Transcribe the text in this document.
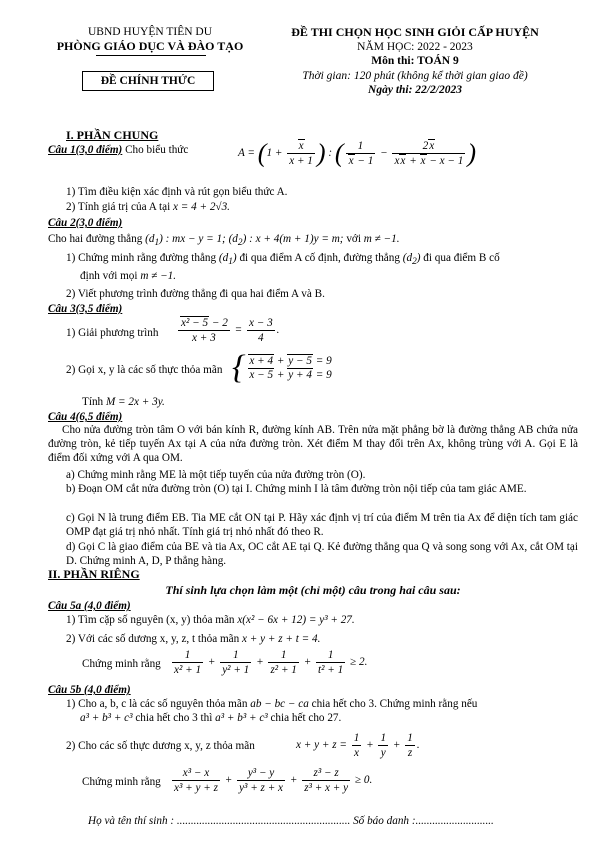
UBND HUYỆN TIÊN DU
PHÒNG GIÁO DỤC VÀ ĐÀO TẠO
ĐỀ CHÍNH THỨC
ĐỀ THI CHỌN HỌC SINH GIỎI CẤP HUYỆN
NĂM HỌC: 2022 - 2023
Môn thi: TOÁN 9
Thời gian: 120 phút (không kể thời gian giao đề)
Ngày thi: 22/2/2023
I. PHẦN CHUNG
Câu 1(3,0 điểm) Cho biểu thức	$A = (1 + \frac{x}{x + 1}$ ) : ( $\frac{1}{x - 1} - \frac{2x}{xx + x - x - 1}$ )
1) Tìm điều kiện xác định và rút gọn biểu thức A.
2) Tính giá trị của A tại x = 4 + 2√3.
Câu 2(3,0 điểm)
Cho hai đường thẳng $(d_1)$ : mx − y = 1; $(d_2)$ : x + 4(m + 1)y = m; với m ≠ −1.
1) Chứng minh rằng đường thẳng $(d_1)$ đi qua điểm A cố định, đường thẳng $(d_2)$ đi qua điểm B cố
định với mọi m ≠ −1.
2) Viết phương trình đường thẳng đi qua hai điểm A và B.
Câu 3(3,5 điểm)
1) Giải phương trình $\frac{\text{x² − 5 − 2}}{x + 3} = \frac{x - 3}{4}$ .
2) Gọi x, y là các số thực thỏa mãn { x + 4 + y − 5 = 9
x − 5 + y + 4 = 9
Tính M = 2x + 3y.
Câu 4(6,5 điểm)
Cho nửa đường tròn tâm O với bán kính R, đường kính AB. Trên nửa mặt phẳng bờ là đường thẳng AB chứa nửa đường tròn, kẻ tiếp tuyến Ax tại A của nửa đường tròn. Xét điểm M thay đổi trên Ax, không trùng với A. Gọi E là điểm đối xứng với A qua OM.
a) Chứng minh rằng ME là một tiếp tuyến của nửa đường tròn (O).
b) Đoạn OM cắt nửa đường tròn (O) tại I. Chứng minh I là tâm đường tròn nội tiếp của tam giác AME.
c) Gọi N là trung điểm EB. Tia ME cắt ON tại P. Hãy xác định vị trí của điểm M trên tia Ax để diện tích tam giác OMP đạt giá trị nhỏ nhất. Tính giá trị nhỏ nhất đó theo R.
d) Gọi C là giao điểm của BE và tia Ax, OC cắt AE tại Q. Kẻ đường thẳng qua Q và song song với Ax, cắt OM tại D. Chứng minh A, D, P thẳng hàng.
II. PHẦN RIÊNG
Thí sinh lựa chọn làm một (chỉ một) câu trong hai câu sau:
Câu 5a (4,0 điểm)
1) Tìm cặp số nguyên (x, y) thỏa mãn x(x² − 6x + 12) = y³ + 27.
2) Với các số dương x, y, z, t thỏa mãn x + y + z + t = 4.
Chứng minh rằng $\frac{1}{\text{x² + 1}} + \frac{1}{\text{y² + 1}} + \frac{1}{\text{z² + 1}} + \frac{1}{\text{t² + 1}} \ge 2$.
Câu 5b (4,0 điểm)
1) Cho a, b, c là các số nguyên thỏa mãn ab − bc − ca chia hết cho 3. Chứng minh rằng nếu
a³ + b³ + c³ chia hết cho 3 thì a³ + b³ + c³ chia hết cho 27.
2) Cho các số thực dương x, y, z thỏa mãn	$x + y + z = \frac{1}{x} + \frac{1}{y} + \frac{1}{z}$ .
Chứng minh rằng $\frac{\text{x³ − x}}{\text{x³ + y + z}} + \frac{\text{y³ − y}}{\text{y³ + z + x}} + \frac{\text{z³ − z}}{\text{z³ + x + y}} \ge 0$.
Họ và tên thí sinh : .............................................................. Số báo danh :............................
